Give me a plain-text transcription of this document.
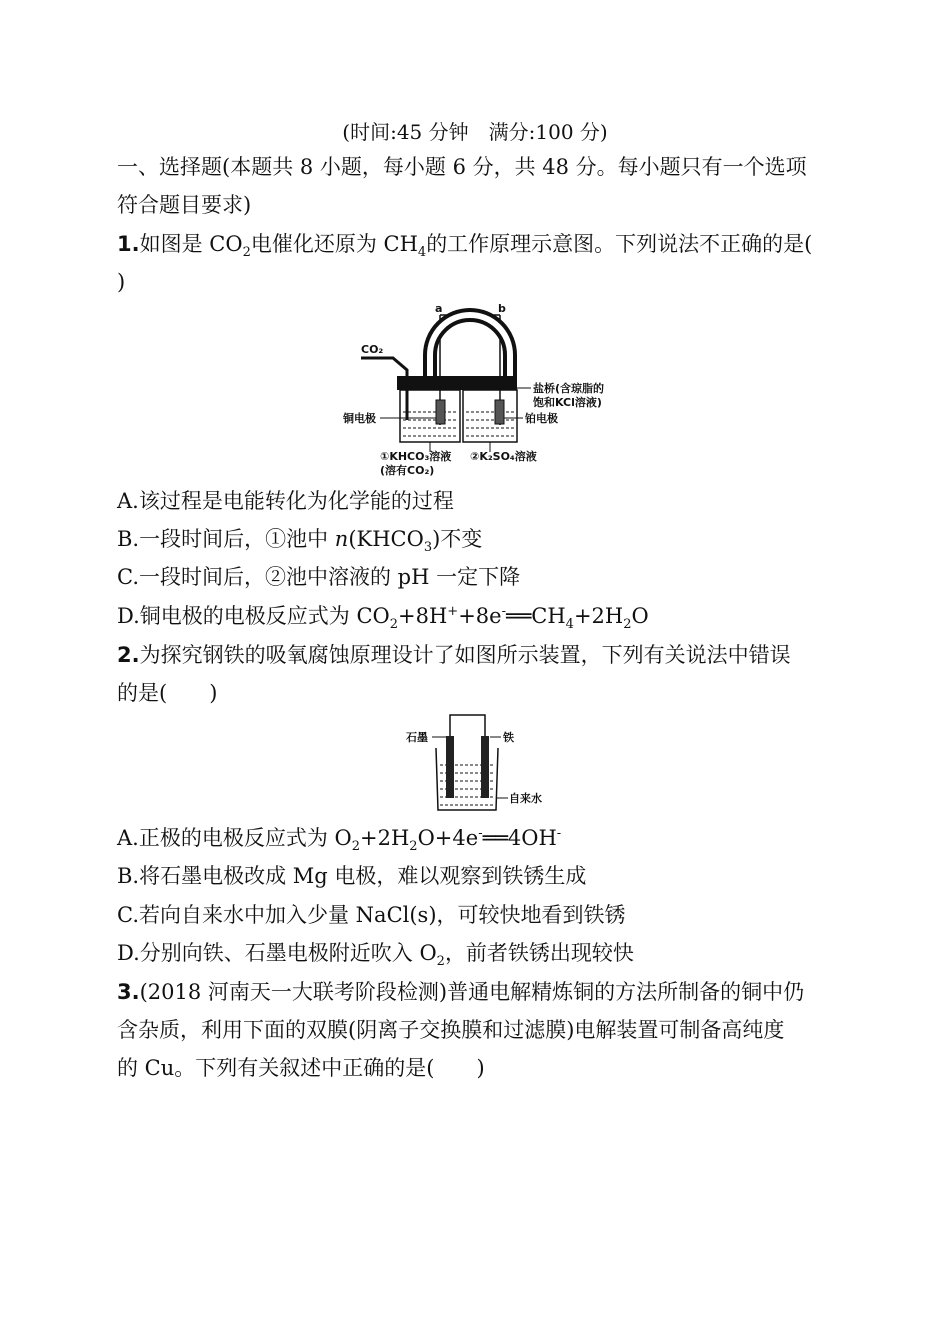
(时间:45 分钟　满分:100 分)
一、选择题(本题共 8 小题，每小题 6 分，共 48 分。每小题只有一个选项
符合题目要求)
1.如图是 $CO_2$电催化还原为 $CH_4$的工作原理示意图。下列说法不正确的是(
)
电源
a	b
CO₂
盐桥(含琼脂的
饱和KCl溶液)
铂电极
铜电极
①KHCO₃溶液
(溶有CO₂)
②K₂SO₄溶液
A.该过程是电能转化为化学能的过程
B.一段时间后，①池中 $n(KHCO_3)$不变
C.一段时间后，②池中溶液的 pH 一定下降
D.铜电极的电极反应式为 $CO_2+8H^++8e^-══CH_4+2H_2O$
2.为探究钢铁的吸氧腐蚀原理设计了如图所示装置，下列有关说法中错误
的是(　　)
石墨	铁
自来水
A.正极的电极反应式为 $O_2+2H_2O+4e^-══4OH^-$
B.将石墨电极改成 Mg 电极，难以观察到铁锈生成
C.若向自来水中加入少量 NaCl(s)，可较快地看到铁锈
D.分别向铁、石墨电极附近吹入 $O_2$，前者铁锈出现较快
3.(2018 河南天一大联考阶段检测)普通电解精炼铜的方法所制备的铜中仍
含杂质，利用下面的双膜(阴离子交换膜和过滤膜)电解装置可制备高纯度
的 Cu。下列有关叙述中正确的是(　　)
